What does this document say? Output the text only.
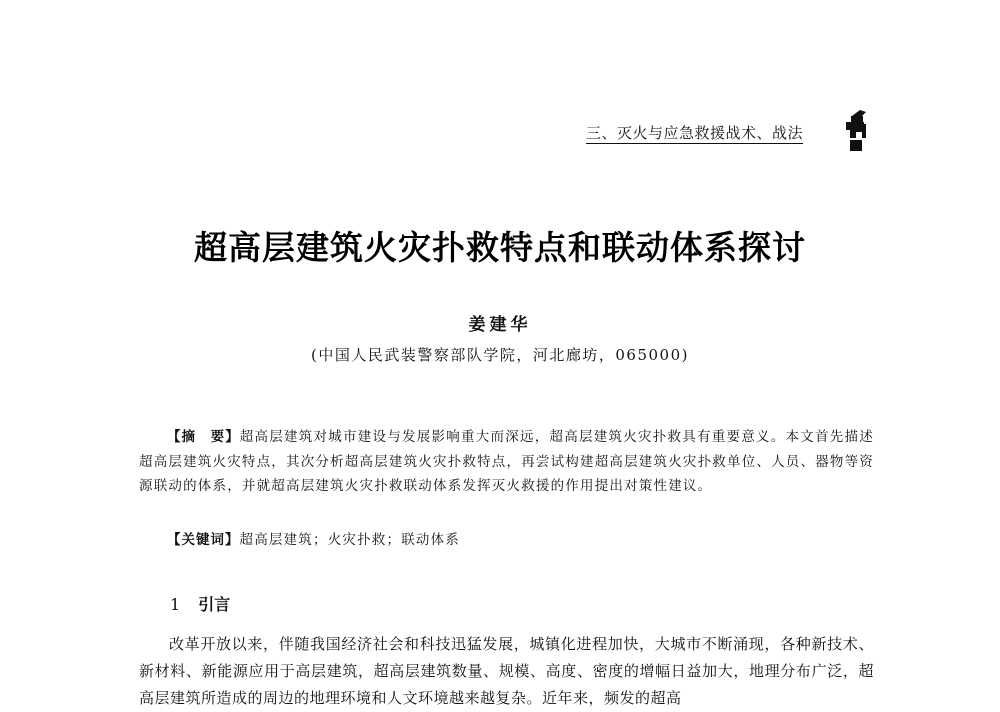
三、灭火与应急救援战术、战法
超高层建筑火灾扑救特点和联动体系探讨
姜建华
(中国人民武装警察部队学院，河北廊坊，065000)
【摘　要】超高层建筑对城市建设与发展影响重大而深远，超高层建筑火灾扑救具有重要意义。本文首先描述超高层建筑火灾特点，其次分析超高层建筑火灾扑救特点，再尝试构建超高层建筑火灾扑救单位、人员、器物等资源联动的体系，并就超高层建筑火灾扑救联动体系发挥灭火救援的作用提出对策性建议。
【关键词】超高层建筑；火灾扑救；联动体系
1 引言
改革开放以来，伴随我国经济社会和科技迅猛发展，城镇化进程加快，大城市不断涌现，各种新技术、新材料、新能源应用于高层建筑，超高层建筑数量、规模、高度、密度的增幅日益加大，地理分布广泛，超高层建筑所造成的周边的地理环境和人文环境越来越复杂。近年来，频发的超高
